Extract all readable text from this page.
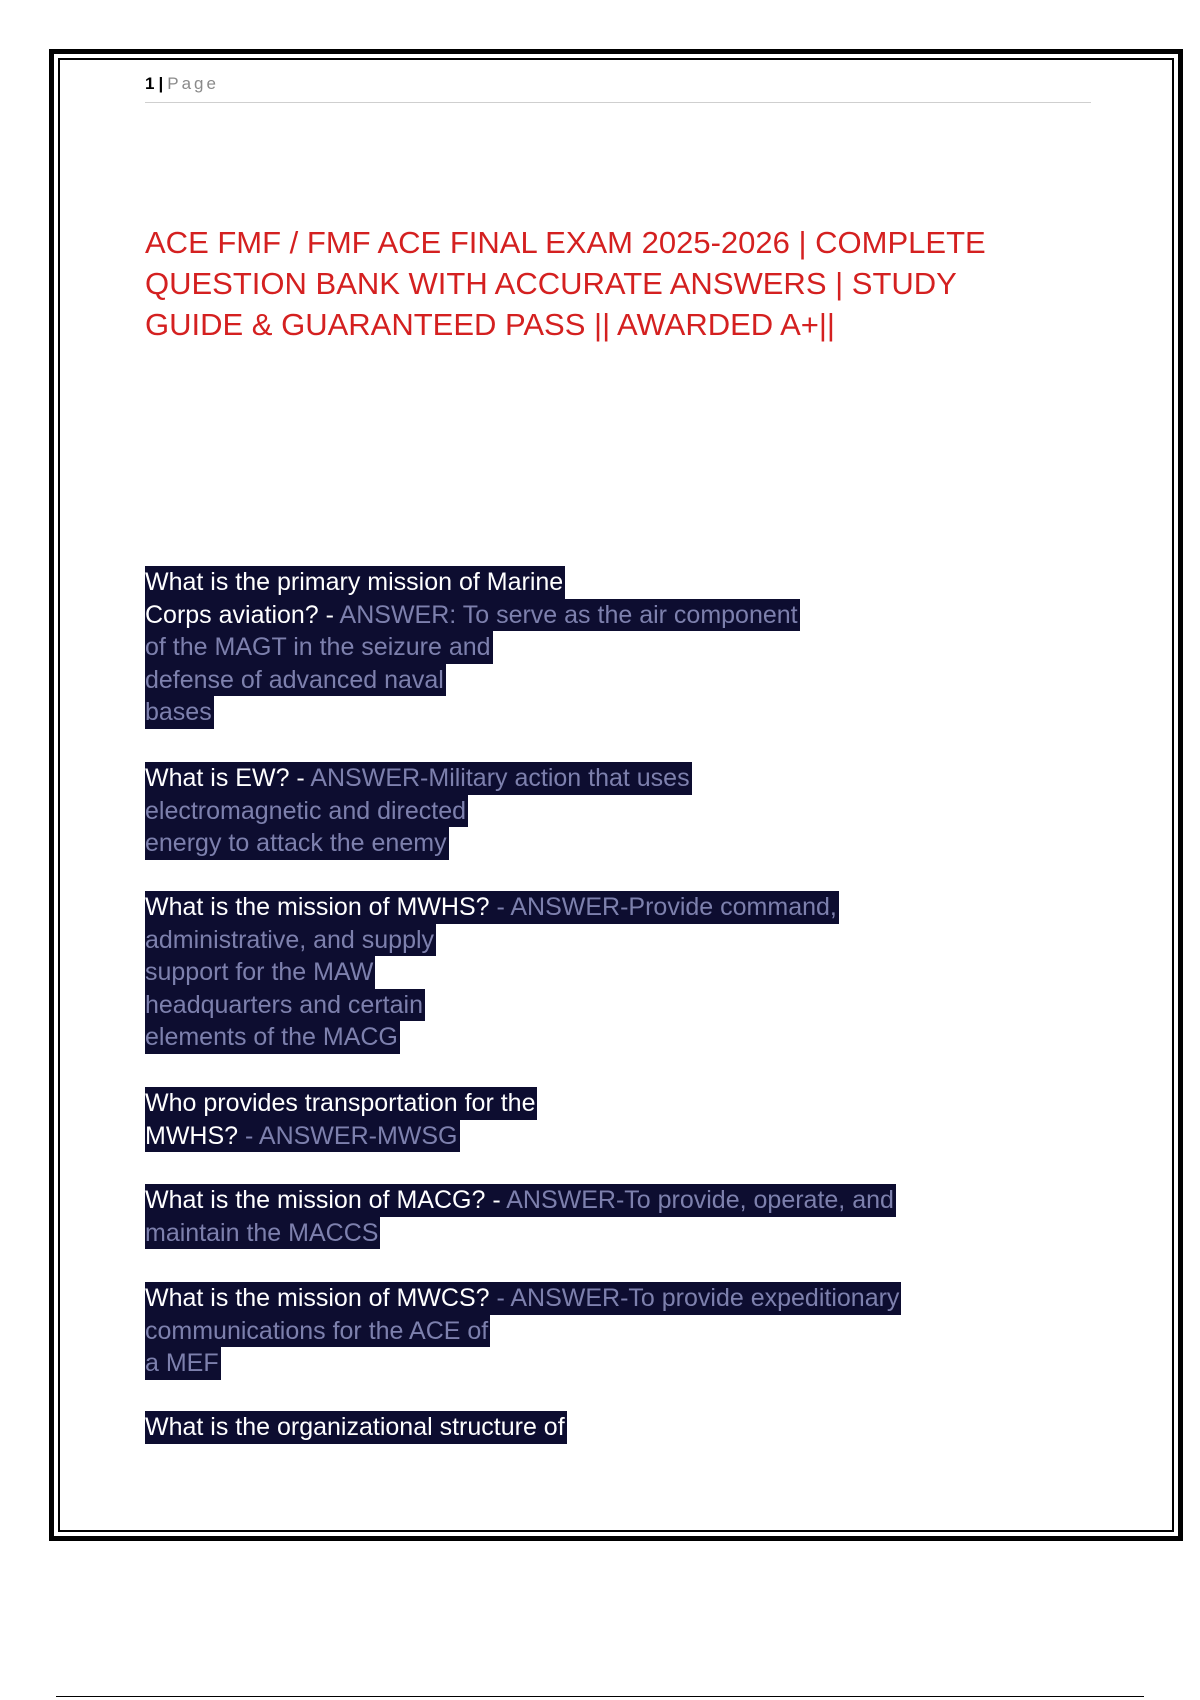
1 | Page
ACE FMF / FMF ACE FINAL EXAM 2025-2026 | COMPLETE
QUESTION BANK WITH ACCURATE ANSWERS | STUDY
GUIDE & GUARANTEED PASS || AWARDED A+||
What is the primary mission of Marine
Corps aviation? - ANSWER: To serve as the air component
of the MAGT in the seizure and
defense of advanced naval
bases
What is EW? - ANSWER-Military action that uses
electromagnetic and directed
energy to attack the enemy
What is the mission of MWHS? - ANSWER-Provide command,
administrative, and supply
support for the MAW
headquarters and certain
elements of the MACG
Who provides transportation for the
MWHS? - ANSWER-MWSG
What is the mission of MACG? - ANSWER-To provide, operate, and
maintain the MACCS
What is the mission of MWCS? - ANSWER-To provide expeditionary
communications for the ACE of
a MEF
What is the organizational structure of
